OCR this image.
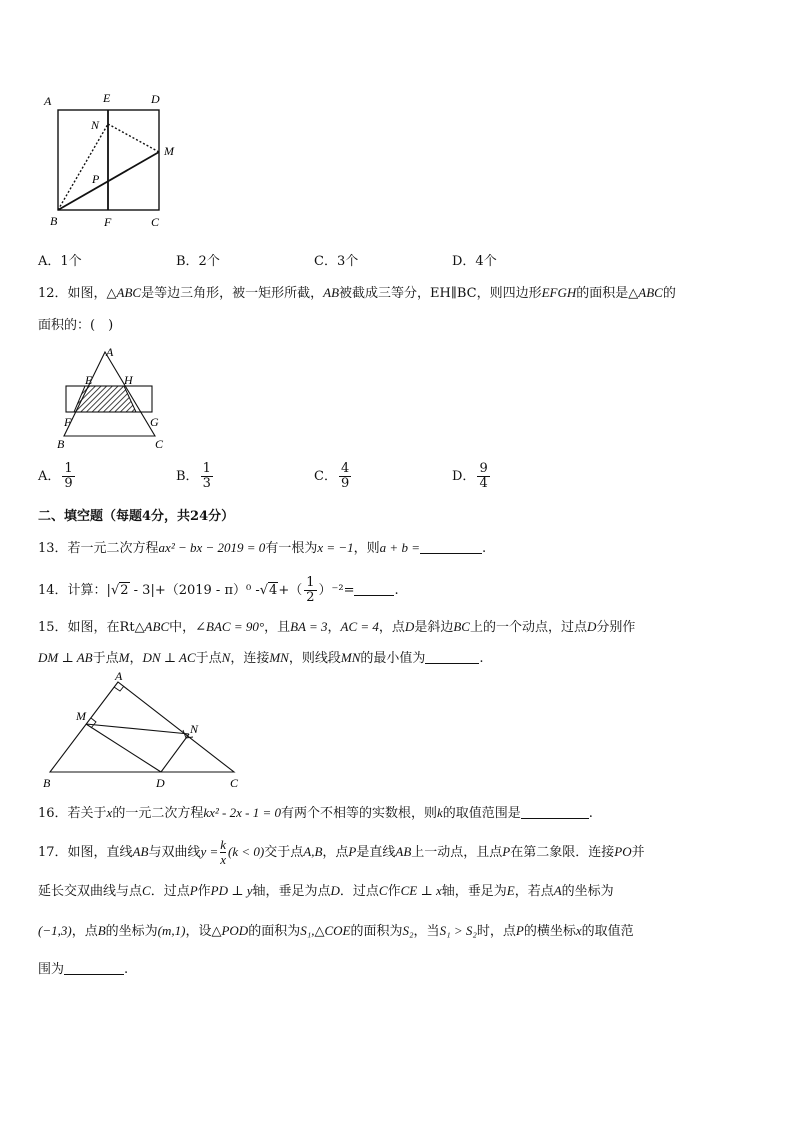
A	E	D
N
M
P
B	F	C
A．1个	B．2个	C．3个	D．4个
12．如图，△ABC是等边三角形，被一矩形所截，AB被截成三等分，EH∥BC，则四边形EFGH的面积是△ABC的
面积的：(　)
A
E	H
F	G
B	C
A． $\frac{1}{9}$	B． $\frac{1}{3}$	C． $\frac{4}{9}$	D． $\frac{9}{4}$
二、填空题（每题4分，共24分）
13．若一元二次方程ax² − bx − 2019 = 0有一根为x = −1，则a + b =	.
14．计算：|√2 - 3|+（2019 - π）⁰ $-√4+( \frac{1}{2} )^{-2}=$	.
15．如图，在Rt△ABC中，∠BAC = 90°，且BA = 3，AC = 4，点D是斜边BC上的一个动点，过点D分别作
DM ⊥ AB于点M，DN ⊥ AC于点N，连接MN，则线段MN的最小值为	.
A
M
N
B	D	C
16．若关于x的一元二次方程kx² - 2x - 1 = 0有两个不相等的实数根，则k的取值范围是	.
17．如图，直线AB与双曲线$y = \frac{k}{x} (k < 0)$交于点A,B，点P是直线AB上一动点，且点P在第二象限．连接PO并
延长交双曲线与点C．过点P作PD ⊥ y轴，垂足为点D．过点C作CE ⊥ x轴，垂足为E，若点A的坐标为
(−1,3)，点B的坐标为(m,1)，设△POD的面积为S₁,△COE的面积为S₂，当S₁ > S₂时，点P的横坐标x的取值范
围为	.
